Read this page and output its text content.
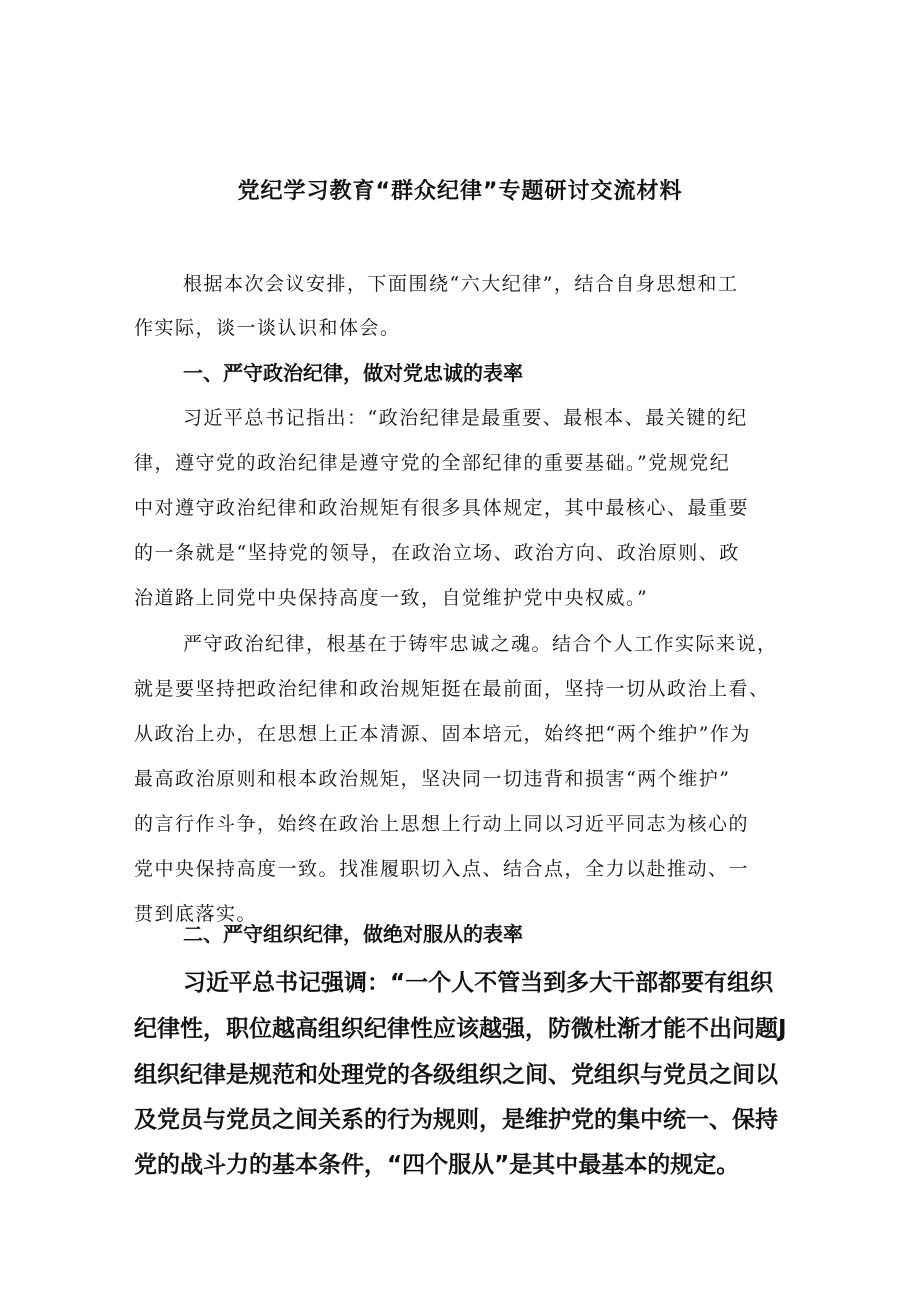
党纪学习教育“群众纪律”专题研讨交流材料
根据本次会议安排，下面围绕“六大纪律”，结合自身思想和工
作实际，谈一谈认识和体会。
一、严守政治纪律，做对党忠诚的表率
习近平总书记指出：“政治纪律是最重要、最根本、最关键的纪
律，遵守党的政治纪律是遵守党的全部纪律的重要基础。”党规党纪
中对遵守政治纪律和政治规矩有很多具体规定，其中最核心、最重要
的一条就是“坚持党的领导，在政治立场、政治方向、政治原则、政
治道路上同党中央保持高度一致，自觉维护党中央权威。”
严守政治纪律，根基在于铸牢忠诚之魂。结合个人工作实际来说，
就是要坚持把政治纪律和政治规矩挺在最前面，坚持一切从政治上看、
从政治上办，在思想上正本清源、固本培元，始终把“两个维护”作为
最高政治原则和根本政治规矩，坚决同一切违背和损害“两个维护”
的言行作斗争，始终在政治上思想上行动上同以习近平同志为核心的
党中央保持高度一致。找准履职切入点、结合点，全力以赴推动、一
贯到底落实。
二、严守组织纪律，做绝对服从的表率
习近平总书记强调：“一个人不管当到多大干部都要有组织
纪律性，职位越高组织纪律性应该越强，防微杜渐才能不出问题J
组织纪律是规范和处理党的各级组织之间、党组织与党员之间以
及党员与党员之间关系的行为规则，是维护党的集中统一、保持
党的战斗力的基本条件，“四个服从”是其中最基本的规定。
